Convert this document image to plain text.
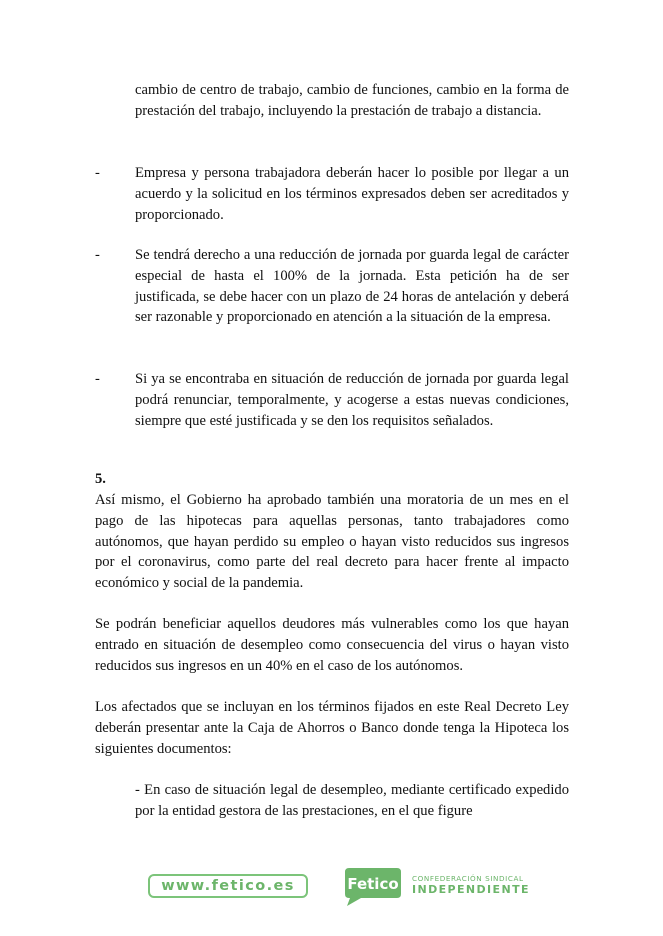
cambio de centro de trabajo, cambio de funciones, cambio en la forma de prestación del trabajo, incluyendo la prestación de trabajo a distancia.

- Empresa y persona trabajadora deberán hacer lo posible por llegar a un acuerdo y la solicitud en los términos expresados deben ser acreditados y proporcionado.

- Se tendrá derecho a una reducción de jornada por guarda legal de carácter especial de hasta el 100% de la jornada. Esta petición ha de ser justificada, se debe hacer con un plazo de 24 horas de antelación y deberá ser razonable y proporcionado en atención a la situación de la empresa.

- Si ya se encontraba en situación de reducción de jornada por guarda legal podrá renunciar, temporalmente, y acogerse a estas nuevas condiciones, siempre que esté justificada y se den los requisitos señalados.

5.

Así mismo, el Gobierno ha aprobado también una moratoria de un mes en el pago de las hipotecas para aquellas personas, tanto trabajadores como autónomos, que hayan perdido su empleo o hayan visto reducidos sus ingresos por el coronavirus, como parte del real decreto para hacer frente al impacto económico y social de la pandemia.

Se podrán beneficiar aquellos deudores más vulnerables como los que hayan entrado en situación de desempleo como consecuencia del virus o hayan visto reducidos sus ingresos en un 40% en el caso de los autónomos.

Los afectados que se incluyan en los términos fijados en este Real Decreto Ley deberán presentar ante la Caja de Ahorros o Banco donde tenga la Hipoteca los siguientes documentos:

- En caso de situación legal de desempleo, mediante certificado expedido por la entidad gestora de las prestaciones, en el que figure

www.fetico.es	Fetico CONFEDERACIÓN SINDICAL
INDEPENDIENTE
